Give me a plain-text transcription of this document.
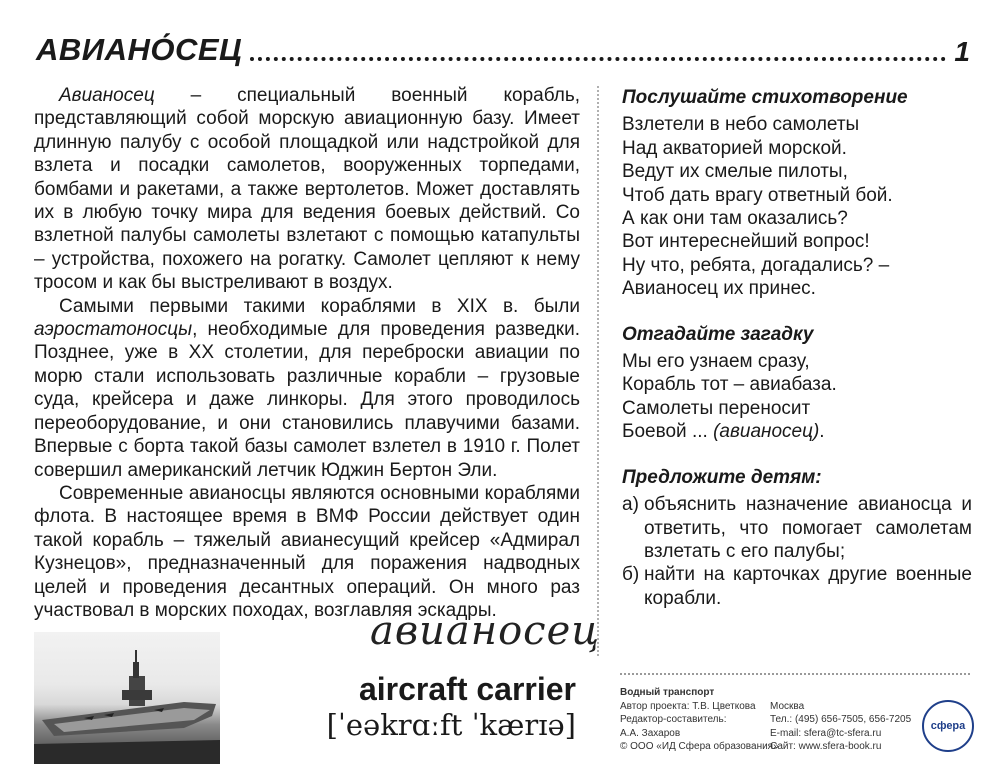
АВИАНО́СЕЦ	1

Авианосец – специальный военный корабль, представляющий собой морскую авиационную базу. Имеет длинную палубу с особой площадкой или надстройкой для взлета и посадки самолетов, вооруженных торпедами, бомбами и ракетами, а также вертолетов. Может доставлять их в любую точку мира для ведения боевых действий. Со взлетной палубы самолеты взлетают с помощью катапульты – устройства, похожего на рогатку. Самолет цепляют к нему тросом и как бы выстреливают в воздух.

Самыми первыми такими кораблями в XIX в. были аэростатоносцы, необходимые для проведения разведки. Позднее, уже в XX столетии, для переброски авиации по морю стали использовать различные корабли – грузовые суда, крейсера и даже линкоры. Для этого проводилось переоборудование, и они становились плавучими базами. Впервые с борта такой базы самолет взлетел в 1910 г. Полет совершил американский летчик Юджин Бертон Эли.

Современные авианосцы являются основными кораблями флота. В настоящее время в ВМФ России действует один такой корабль – тяжелый авианесущий крейсер «Адмирал Кузнецов», предназначенный для поражения надводных целей и проведения десантных операций. Он много раз участвовал в морских походах, возглавляя эскадры.

Послушайте стихотворение
Взлетели в небо самолеты
Над акваторией морской.
Ведут их смелые пилоты,
Чтоб дать врагу ответный бой.
А как они там оказались?
Вот интереснейший вопрос!
Ну что, ребята, догадались? –
Авианосец их принес.
Отгадайте загадку
Мы его узнаем сразу,
Корабль тот – авиабаза.
Самолеты переносит
Боевой ... (авианосец).
Предложите детям:
а) объяснить назначение авианосца и ответить, что помогает самолетам взлетать с его палубы;
б) найти на карточках другие военные корабли.
авианосец
aircraft carrier
[ˈeəkrɑːft ˈkærɪə]
Водный транспорт
Автор проекта: Т.В. Цветкова	Москва
Редактор-составитель:	Тел.: (495) 656-7505, 656-7205
А.А. Захаров	E-mail: sfera@tc-sfera.ru
© ООО «ИД Сфера образования»
Сайт: www.sfera-book.ru
сфера
